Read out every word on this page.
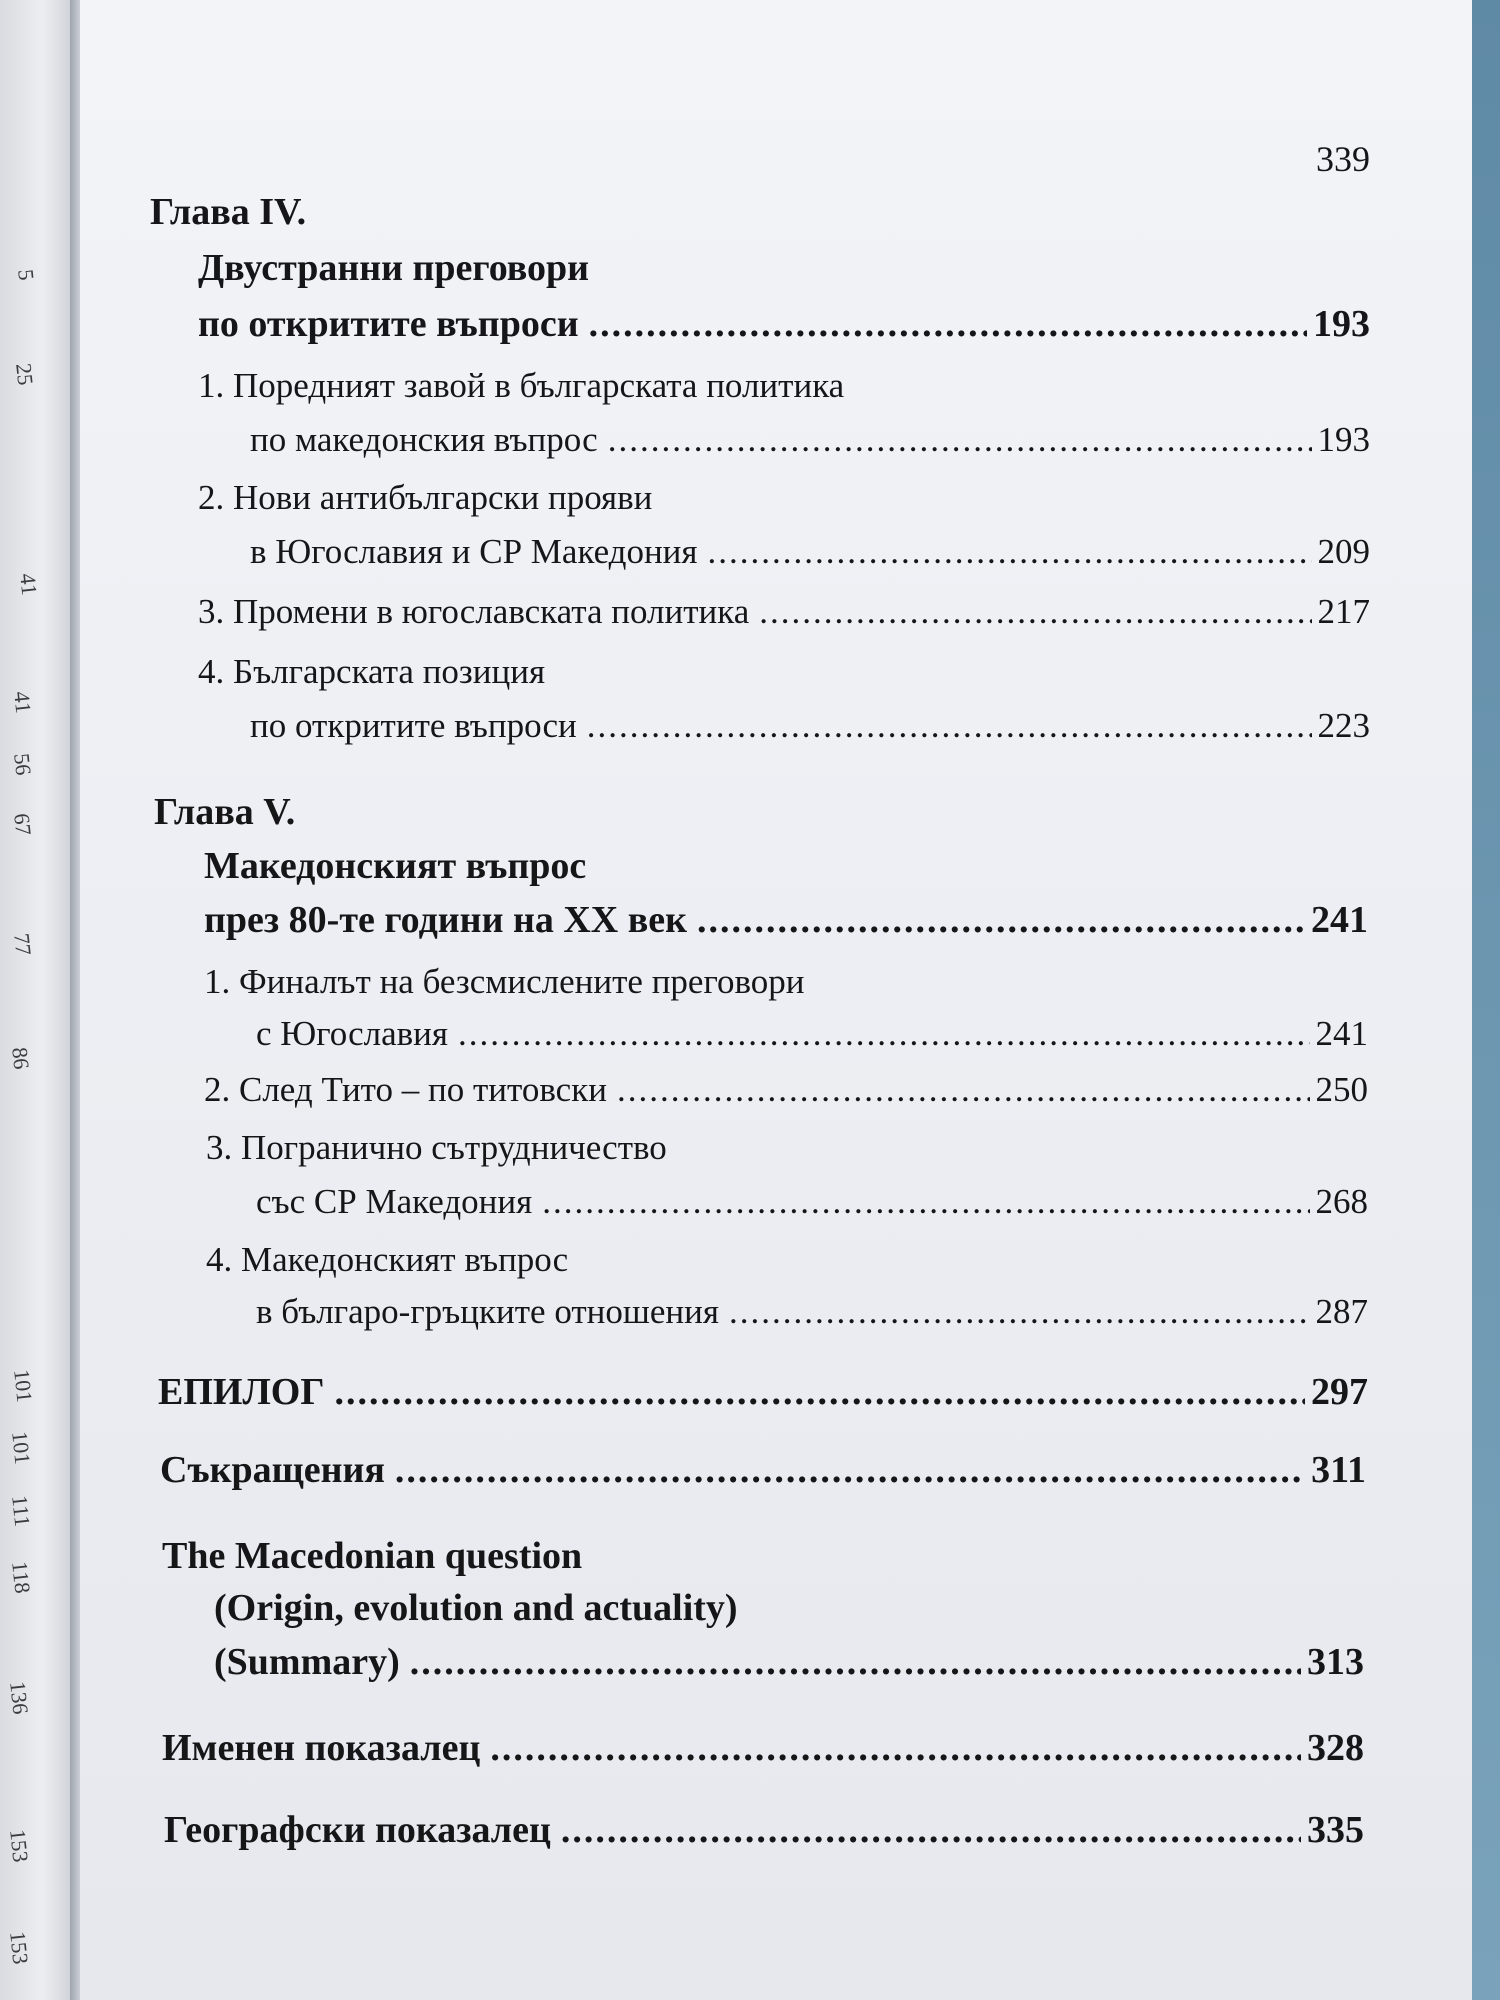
5
25
41
41
56
67
77
86
101
101
111
118
136
153
153
339
Глава IV.
Двустранни преговори
по откритите въпроси .....	193
1. Поредният завой в българската политика
по македонския въпрос .....	193
2. Нови антибългарски прояви
в Югославия и СР Македония .....	209
3. Промени в югославската политика .....	217
4. Българската позиция
по откритите въпроси .....	223
Глава V.
Македонският въпрос
през 80-те години на XX век .....	241
1. Финалът на безсмислените преговори
с Югославия .....	241
2. След Тито – по титовски .....	250
3. Погранично сътрудничество
със СР Македония .....	268
4. Македонският въпрос
в българо-гръцките отношения .....	287
ЕПИЛОГ .....	297
Съкращения .....	311
The Macedonian question
(Origin, evolution and actuality)
(Summary) .....	313
Именен показалец .....	328
Географски показалец .....	335
